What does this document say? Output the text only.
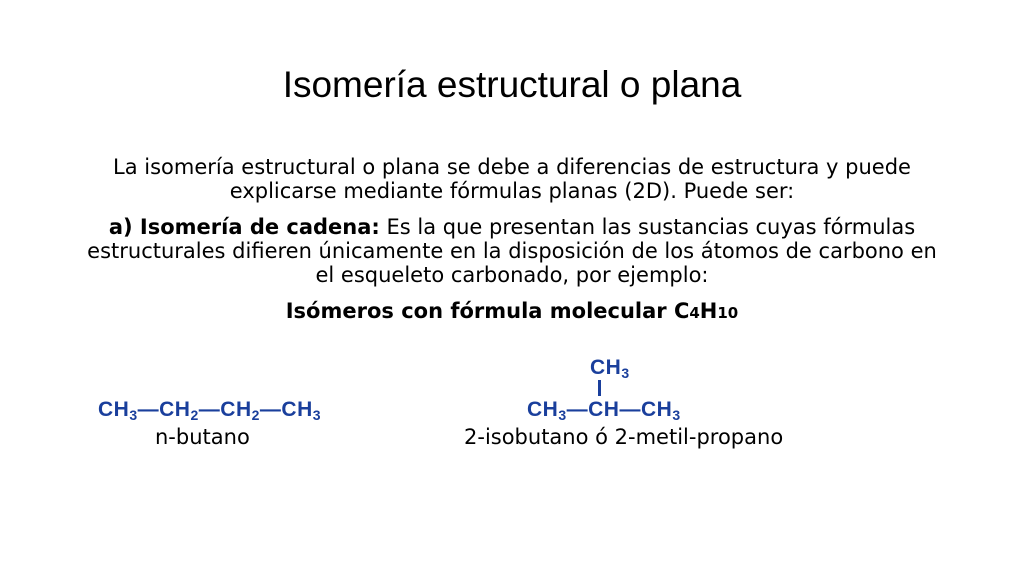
Isomería estructural o plana

La isomería estructural o plana se debe a diferencias de estructura y puede explicarse mediante fórmulas planas (2D). Puede ser:

a) Isomería de cadena: Es la que presentan las sustancias cuyas fórmulas estructurales difieren únicamente en la disposición de los átomos de carbono en el esqueleto carbonado, por ejemplo:

Isómeros con fórmula molecular C4H10

CH3—CH2—CH2—CH3
CH3
CH3—CH—CH3
n-butano	2-isobutano ó 2-metil-propano
